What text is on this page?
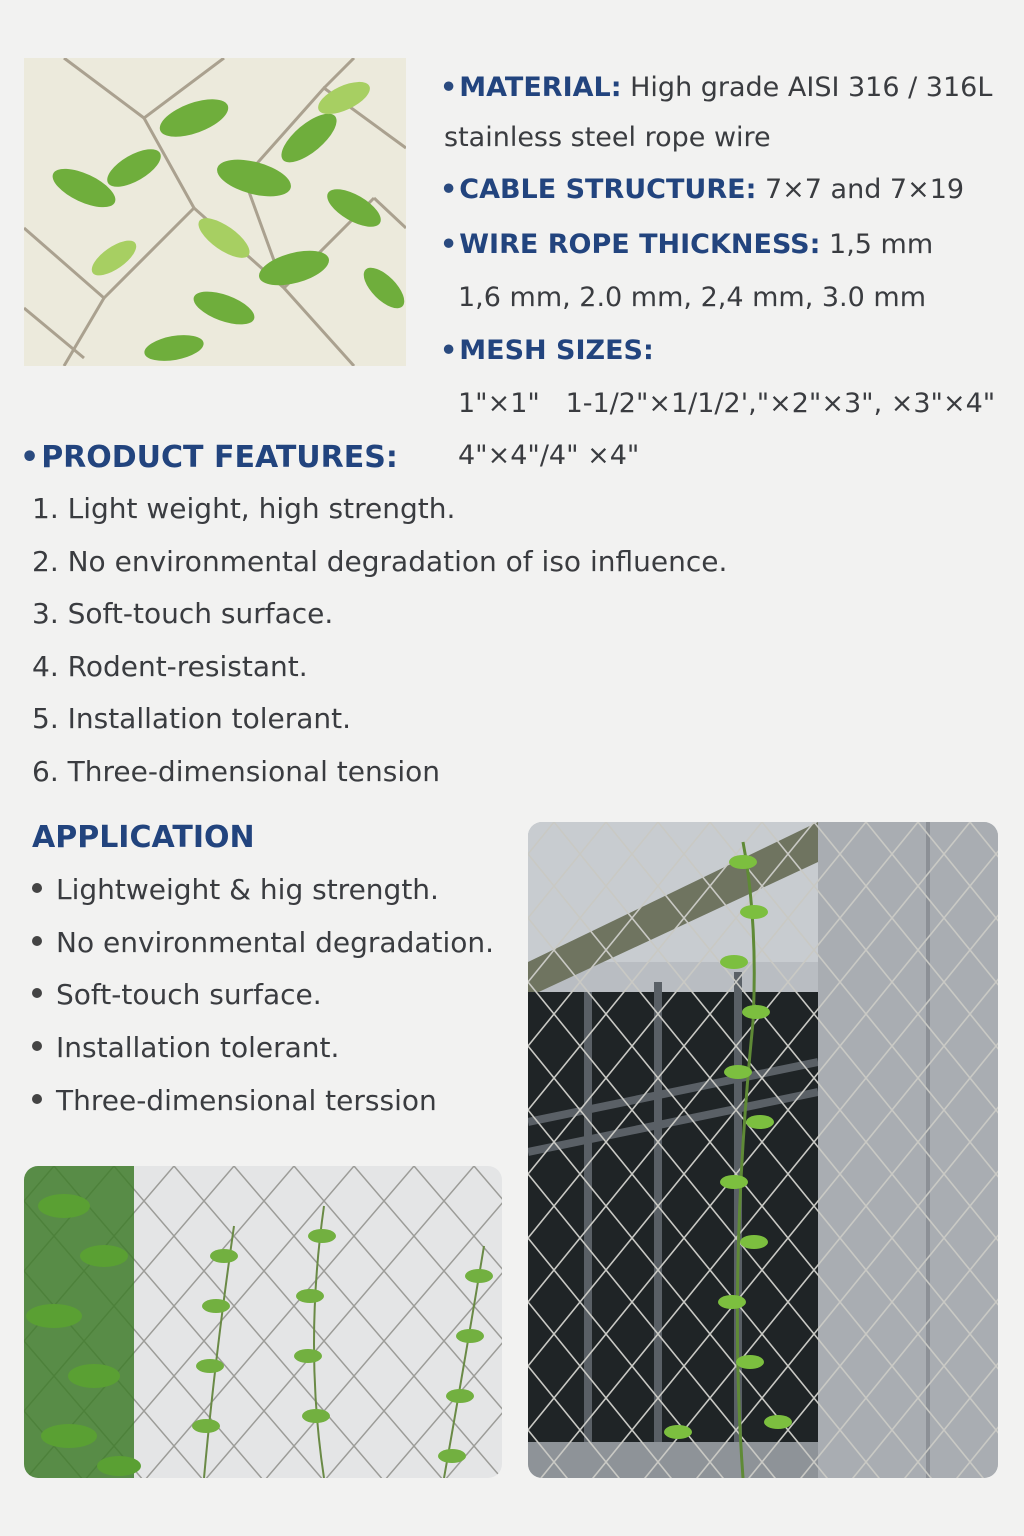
•MATERIAL: High grade AISI 316 / 316L
stainless steel rope wire
•CABLE STRUCTURE: 7×7 and 7×19
•WIRE ROPE THICKNESS: 1,5 mm
1,6 mm, 2.0 mm, 2,4 mm, 3.0 mm
•MESH SIZES:
1"×1"   1-1/2"×1/1/2',"×2"×3", ×3"×4"
4"×4"/4" ×4"
•PRODUCT FEATURES:
1. Light weight, high strength.
2. No environmental degradation of iso influence.
3. Soft-touch surface.
4. Rodent-resistant.
5. Installation tolerant.
6. Three-dimensional tension
APPLICATION
Lightweight & hig strength.
No environmental degradation.
Soft-touch surface.
Installation tolerant.
Three-dimensional terssion
